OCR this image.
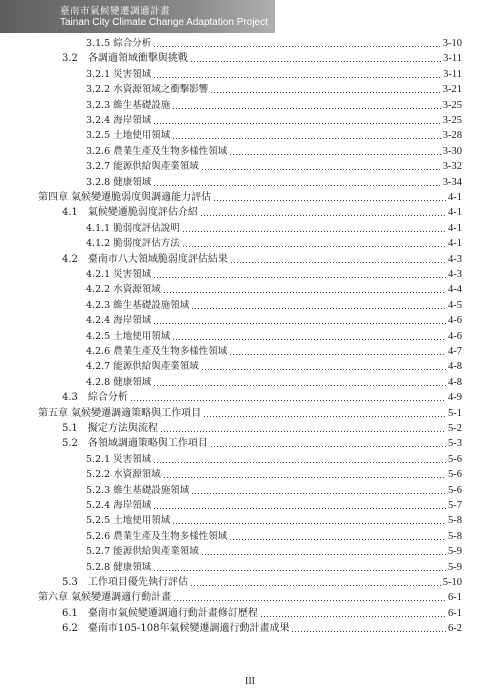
臺南市氣候變遷調適計畫
Tainan City Climate Change Adaptation Project
3.1.5 綜合分析	3-10
3.2　各調適領域衝擊與挑戰	3-11
3.2.1 災害領域	3-11
3.2.2 水資源領域之衝擊影響	3-21
3.2.3 維生基礎設施	3-25
3.2.4 海岸領域	3-25
3.2.5 土地使用領域	3-28
3.2.6 農業生產及生物多樣性領域	3-30
3.2.7 能源供給與產業領域	3-32
3.2.8 健康領域	3-34
第四章 氣候變遷脆弱度與調適能力評估	4-1
4.1　氣候變遷脆弱度評估介紹	4-1
4.1.1 脆弱度評估說明	4-1
4.1.2 脆弱度評估方法	4-1
4.2　臺南市八大領域脆弱度評估結果	4-3
4.2.1 災害領域	4-3
4.2.2 水資源領域	4-4
4.2.3 維生基礎設施領域	4-5
4.2.4 海岸領域	4-6
4.2.5 土地使用領域	4-6
4.2.6 農業生產及生物多樣性領域	4-7
4.2.7 能源供給與產業領域	4-8
4.2.8 健康領域	4-8
4.3　綜合分析	4-9
第五章 氣候變遷調適策略與工作項目	5-1
5.1　擬定方法與流程	5-2
5.2　各領域調適策略與工作項目	5-3
5.2.1 災害領域	5-6
5.2.2 水資源領域	5-6
5.2.3 維生基礎設施領域	5-6
5.2.4 海岸領域	5-7
5.2.5 土地使用領域	5-8
5.2.6 農業生產及生物多樣性領域	5-8
5.2.7 能源供給與產業領域	5-9
5.2.8 健康領域	5-9
5.3　工作項目優先執行評估	5-10
第六章 氣候變遷調適行動計畫	6-1
6.1　臺南市氣候變遷調適行動計畫修訂歷程	6-1
6.2　臺南市105-108年氣候變遷調適行動計畫成果	6-2
III
